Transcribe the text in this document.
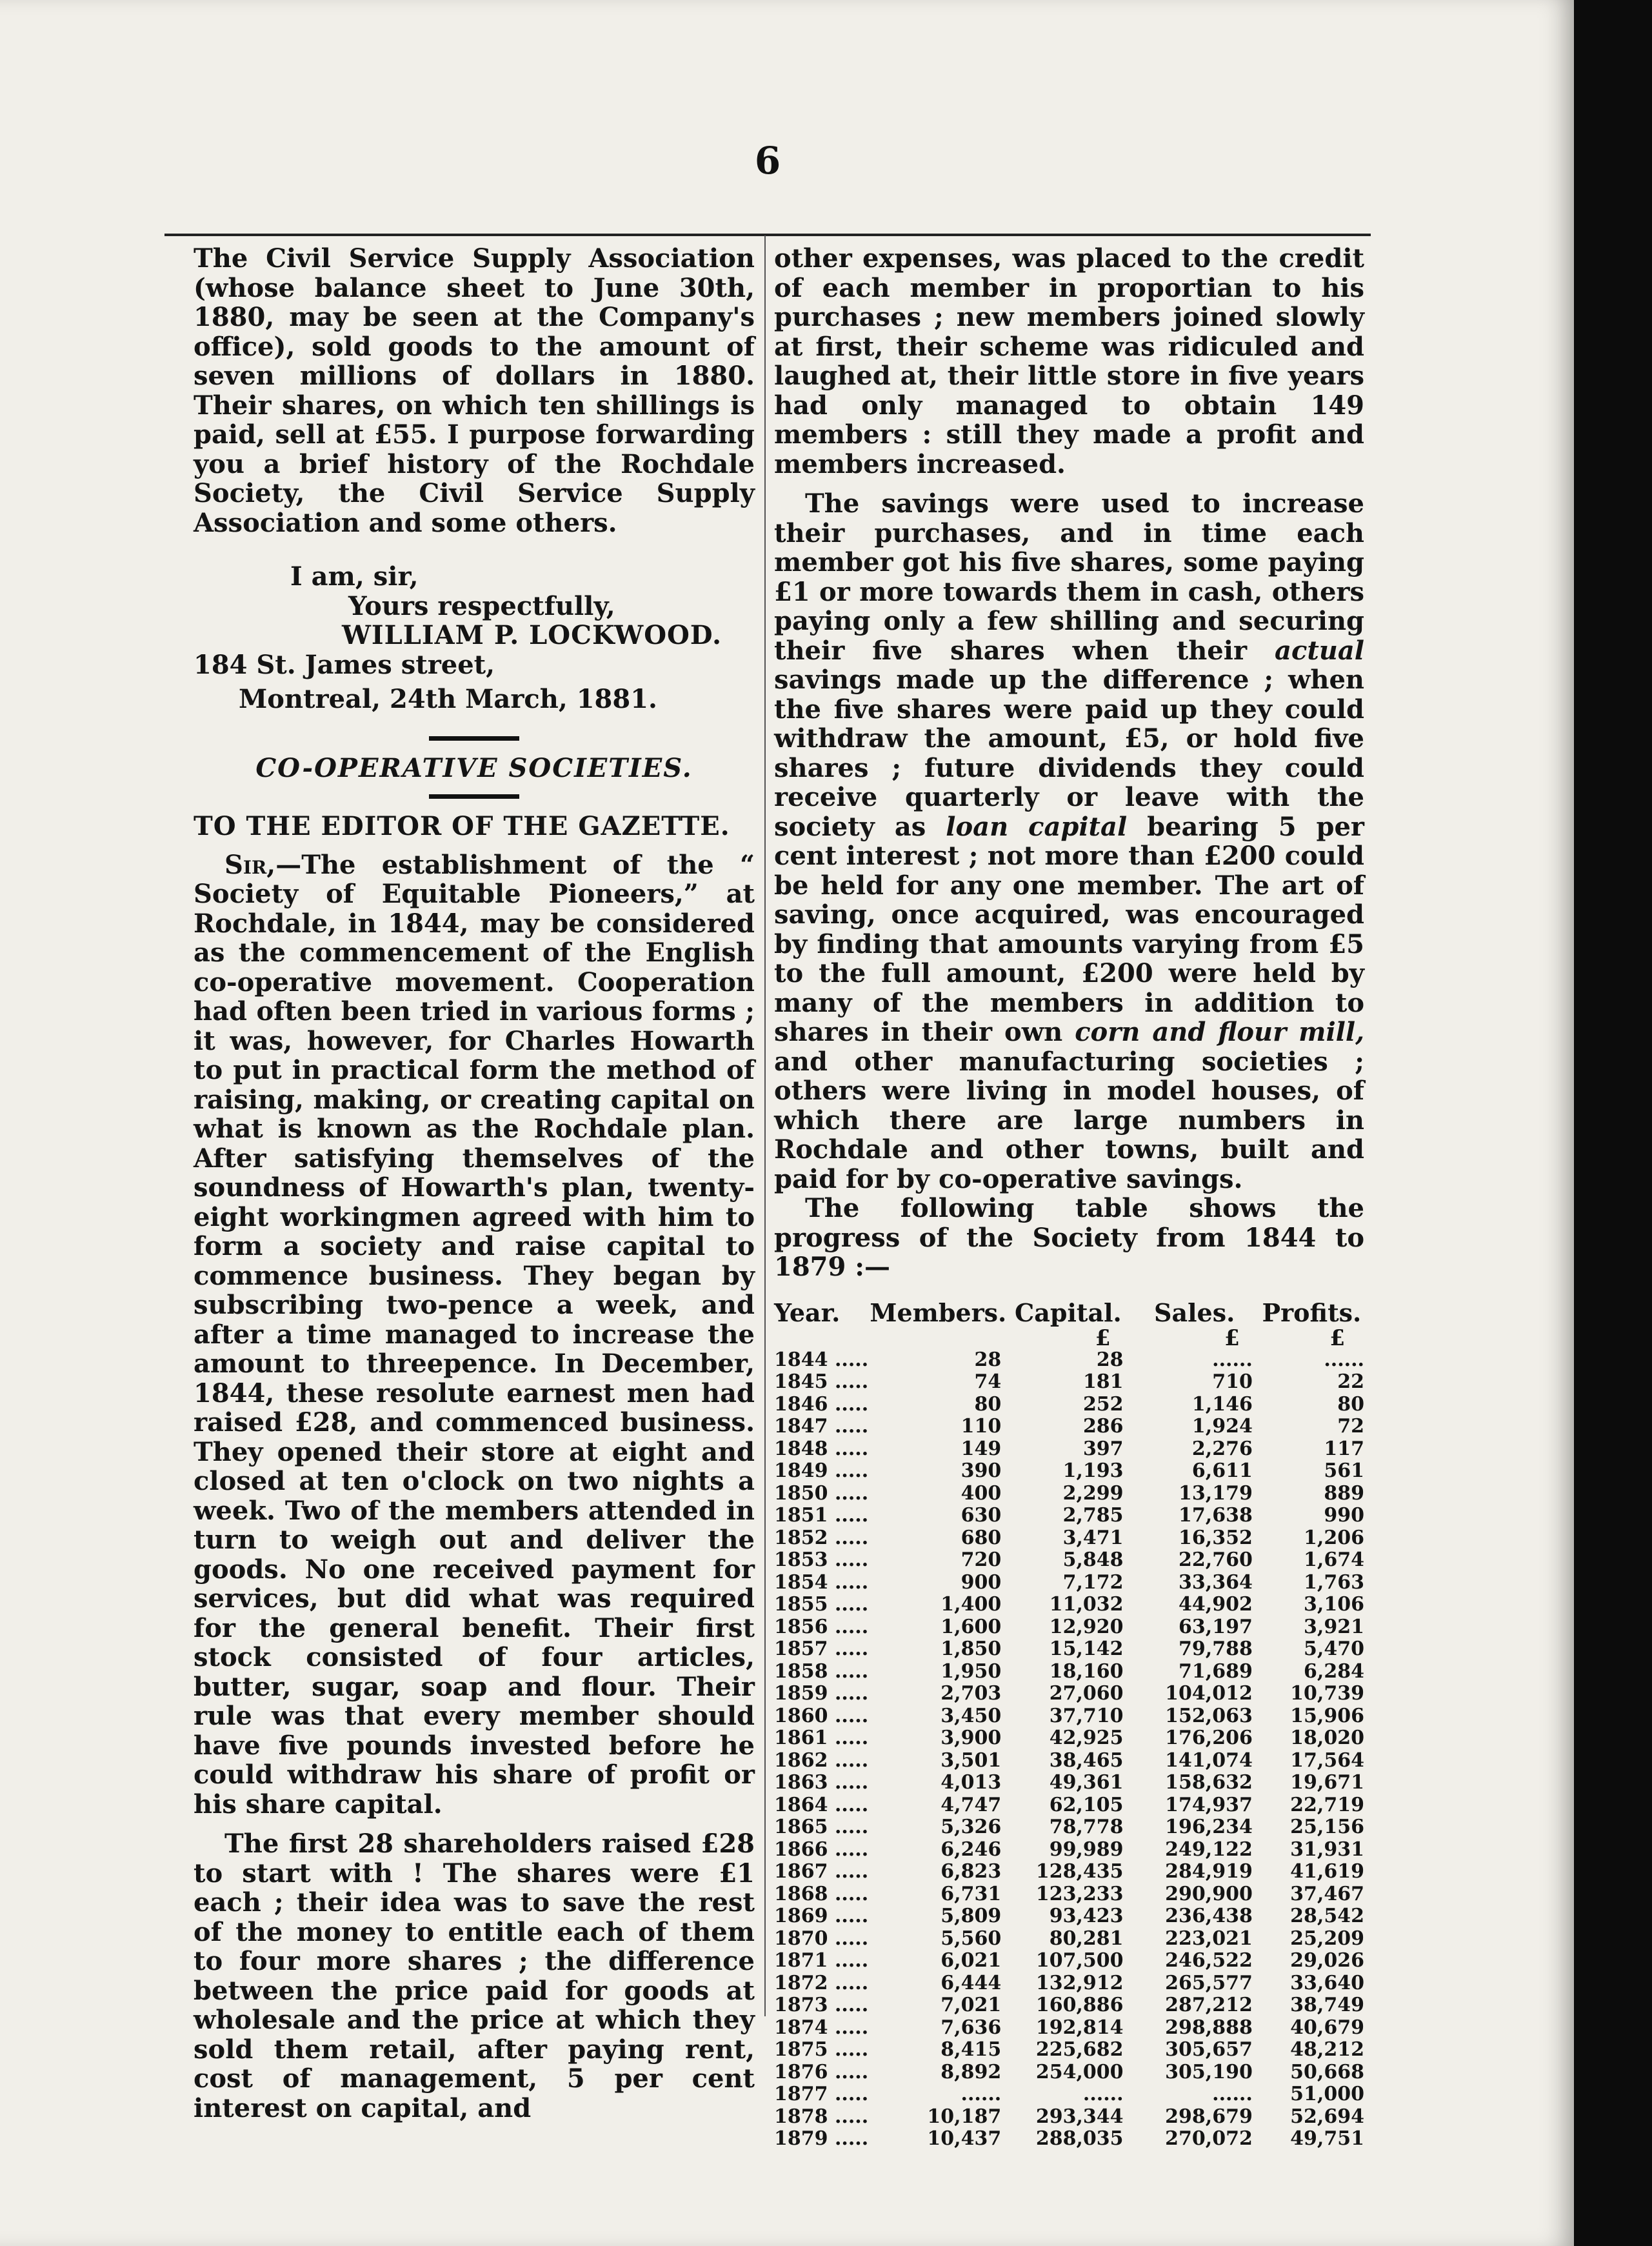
6

The Civil Service Supply Association (whose balance sheet to June 30th, 1880, may be seen at the Company's office), sold goods to the amount of seven millions of dollars in 1880. Their shares, on which ten shillings is paid, sell at £55. I purpose forwarding you a brief history of the Rochdale Society, the Civil Service Supply Association and some others.

I am, sir,

Yours respectfully,

WILLIAM P. LOCKWOOD.

184 St. James street,

Montreal, 24th March, 1881.

CO-OPERATIVE SOCIETIES.

TO THE EDITOR OF THE GAZETTE.

Sir,—The establishment of the “ Society of Equitable Pioneers,” at Rochdale, in 1844, may be considered as the commencement of the English co-operative movement. Cooperation had often been tried in various forms ; it was, however, for Charles Howarth to put in practical form the method of raising, making, or creating capital on what is known as the Rochdale plan. After satisfying themselves of the soundness of Howarth's plan, twenty-eight workingmen agreed with him to form a society and raise capital to commence business. They began by subscribing two-pence a week, and after a time managed to increase the amount to threepence. In December, 1844, these resolute earnest men had raised £28, and commenced business. They opened their store at eight and closed at ten o'clock on two nights a week. Two of the members attended in turn to weigh out and deliver the goods. No one received payment for services, but did what was required for the general benefit. Their first stock consisted of four articles, butter, sugar, soap and flour. Their rule was that every member should have five pounds invested before he could withdraw his share of profit or his share capital.

The first 28 shareholders raised £28 to start with ! The shares were £1 each ; their idea was to save the rest of the money to entitle each of them to four more shares ; the difference between the price paid for goods at wholesale and the price at which they sold them retail, after paying rent, cost of management, 5 per cent interest on capital, and

other expenses, was placed to the credit of each member in proportian to his purchases ; new members joined slowly at first, their scheme was ridiculed and laughed at, their little store in five years had only managed to obtain 149 members : still they made a profit and members increased.

The savings were used to increase their purchases, and in time each member got his five shares, some paying £1 or more towards them in cash, others paying only a few shilling and securing their five shares when their actual savings made up the difference ; when the five shares were paid up they could withdraw the amount, £5, or hold five shares ; future dividends they could receive quarterly or leave with the society as loan capital bearing 5 per cent interest ; not more than £200 could be held for any one member. The art of saving, once acquired, was encouraged by finding that amounts varying from £5 to the full amount, £200 were held by many of the members in addition to shares in their own corn and flour mill, and other manufacturing societies ; others were living in model houses, of which there are large numbers in Rochdale and other towns, built and paid for by co-operative savings.

The following table shows the progress of the Society from 1844 to 1879 :—

Year.	Members.	Capital.	Sales.	Profits.
		£	£	£
1844 .....	28	28	......	......
1845 .....	74	181	710	22
1846 .....	80	252	1,146	80
1847 .....	110	286	1,924	72
1848 .....	149	397	2,276	117
1849 .....	390	1,193	6,611	561
1850 .....	400	2,299	13,179	889
1851 .....	630	2,785	17,638	990
1852 .....	680	3,471	16,352	1,206
1853 .....	720	5,848	22,760	1,674
1854 .....	900	7,172	33,364	1,763
1855 .....	1,400	11,032	44,902	3,106
1856 .....	1,600	12,920	63,197	3,921
1857 .....	1,850	15,142	79,788	5,470
1858 .....	1,950	18,160	71,689	6,284
1859 .....	2,703	27,060	104,012	10,739
1860 .....	3,450	37,710	152,063	15,906
1861 .....	3,900	42,925	176,206	18,020
1862 .....	3,501	38,465	141,074	17,564
1863 .....	4,013	49,361	158,632	19,671
1864 .....	4,747	62,105	174,937	22,719
1865 .....	5,326	78,778	196,234	25,156
1866 .....	6,246	99,989	249,122	31,931
1867 .....	6,823	128,435	284,919	41,619
1868 .....	6,731	123,233	290,900	37,467
1869 .....	5,809	93,423	236,438	28,542
1870 .....	5,560	80,281	223,021	25,209
1871 .....	6,021	107,500	246,522	29,026
1872 .....	6,444	132,912	265,577	33,640
1873 .....	7,021	160,886	287,212	38,749
1874 .....	7,636	192,814	298,888	40,679
1875 .....	8,415	225,682	305,657	48,212
1876 .....	8,892	254,000	305,190	50,668
1877 .....	......	......	......	51,000
1878 .....	10,187	293,344	298,679	52,694
1879 .....	10,437	288,035	270,072	49,751
